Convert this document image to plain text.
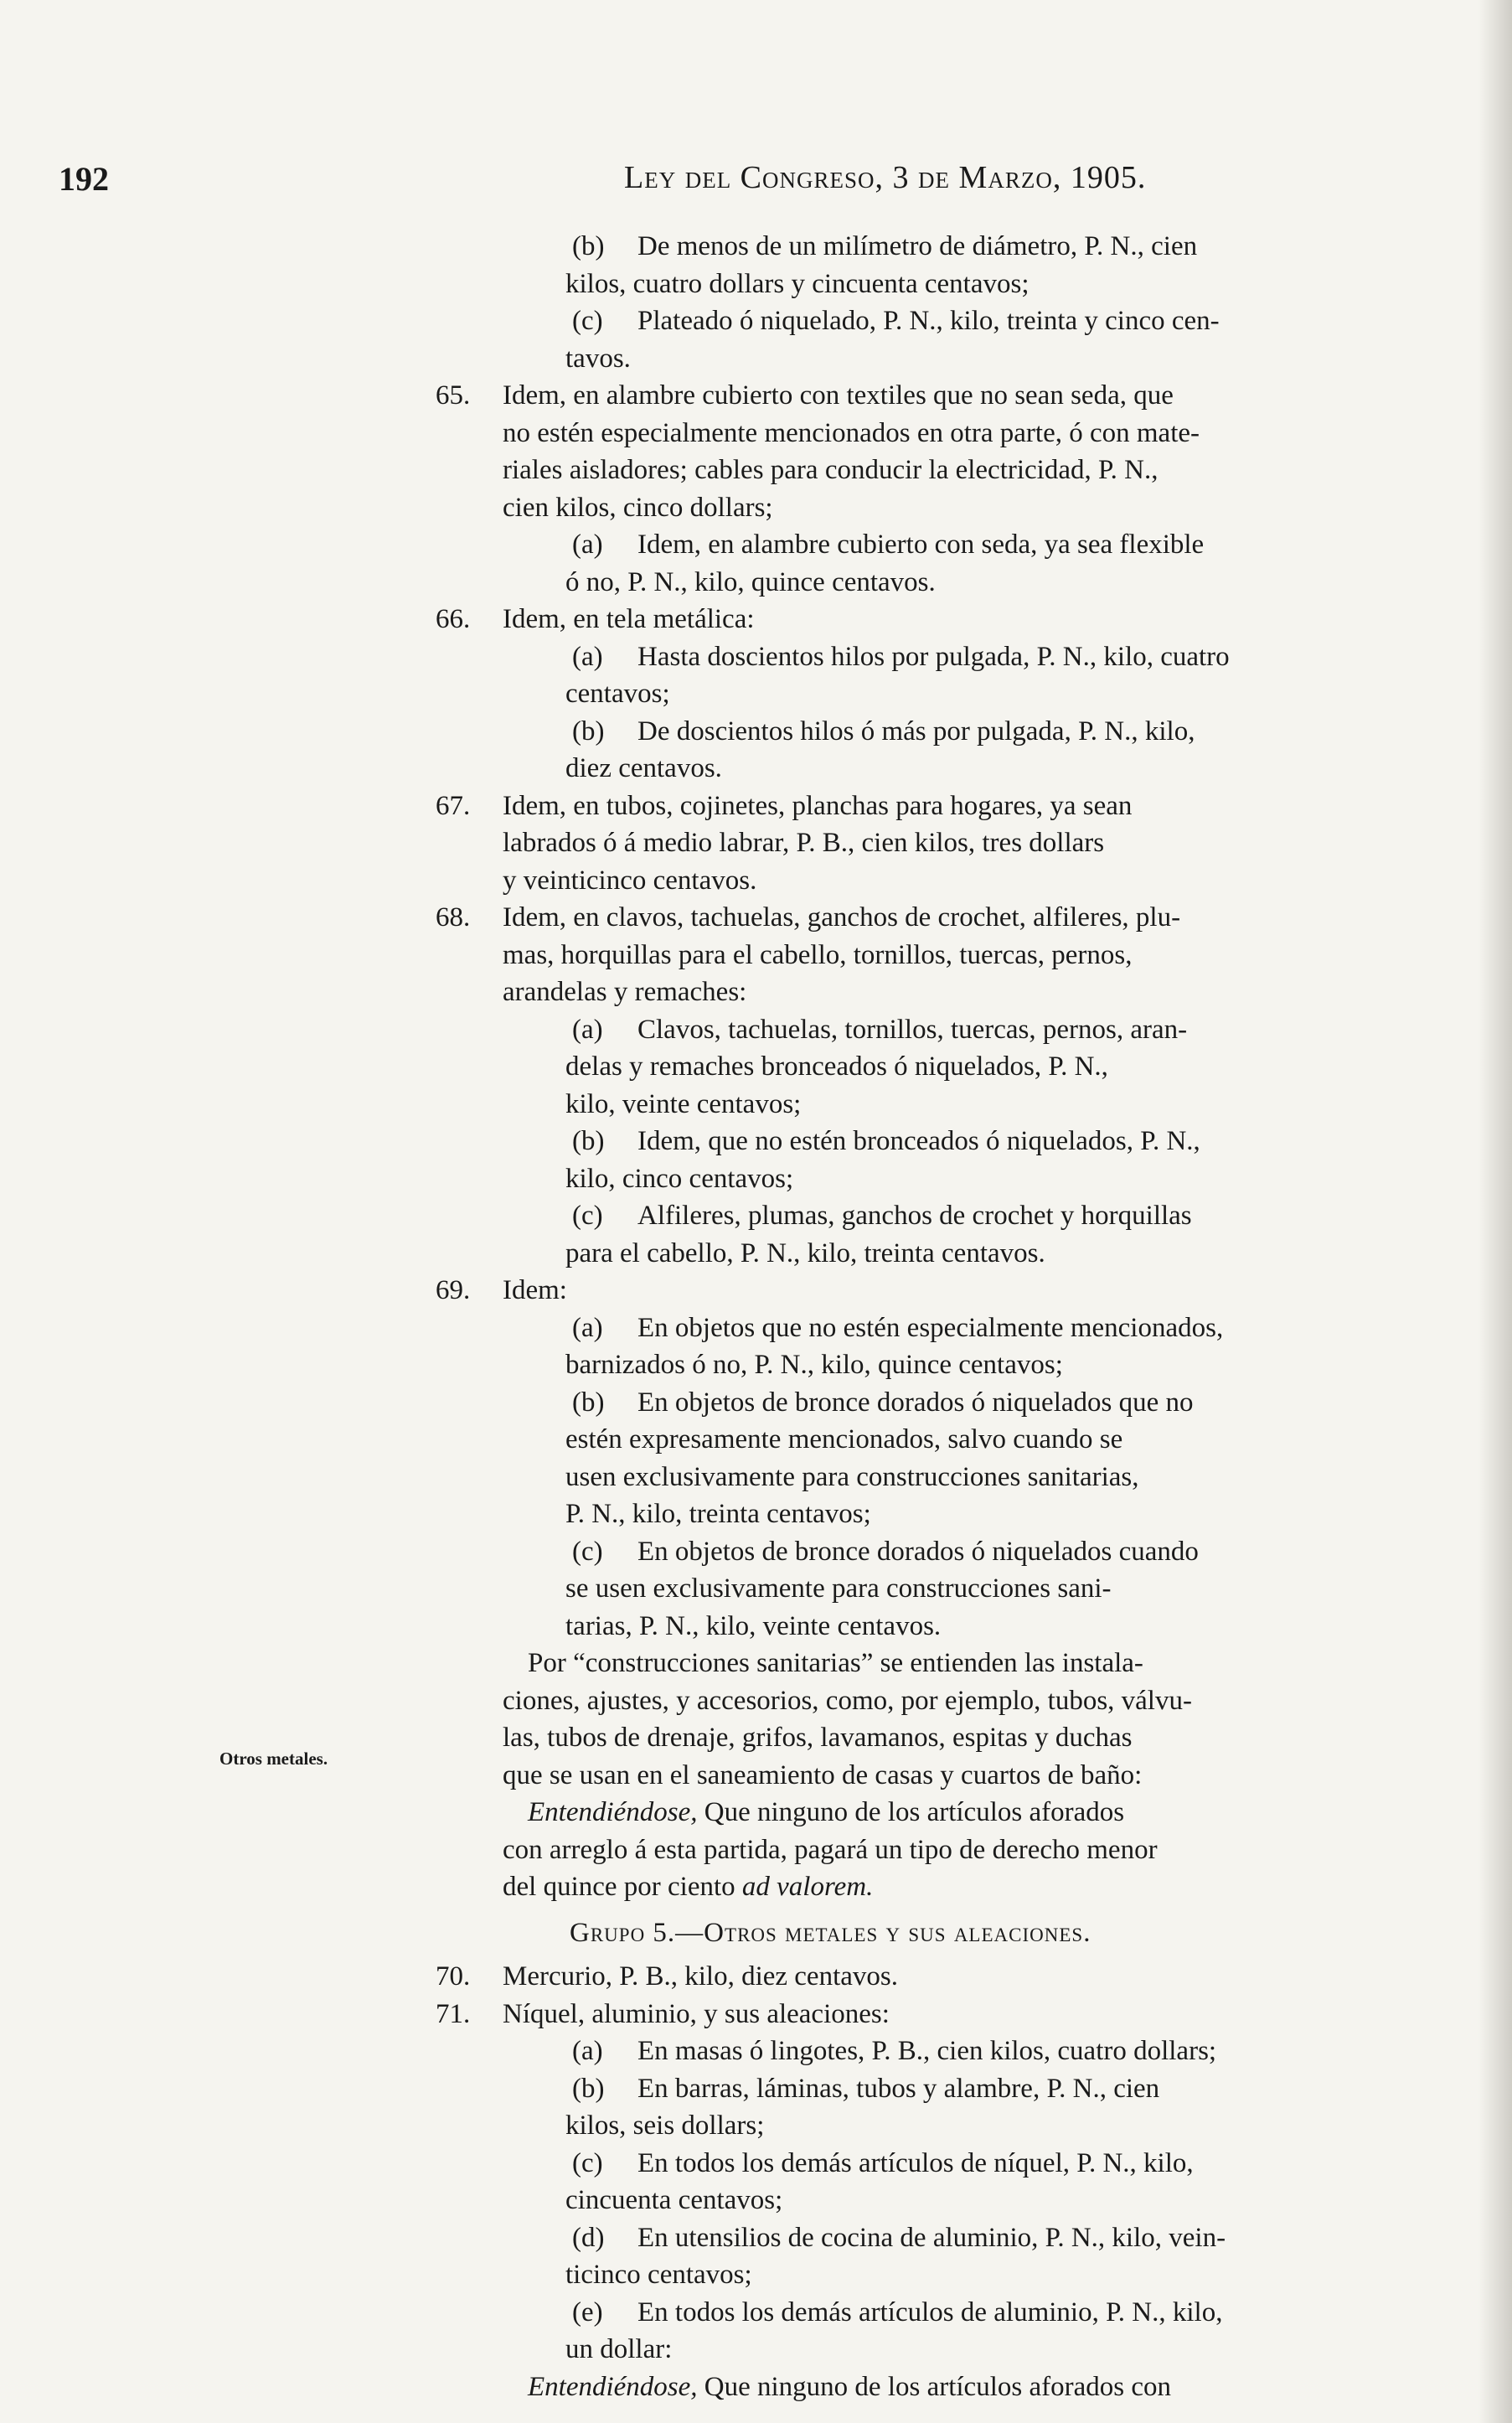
192	Ley del Congreso, 3 de Marzo, 1905.
Otros metales.
(b) De menos de un milímetro de diámetro, P. N., cien
kilos, cuatro dollars y cincuenta centavos;
(c) Plateado ó niquelado, P. N., kilo, treinta y cinco cen-
tavos.
65. Idem, en alambre cubierto con textiles que no sean seda, que
no estén especialmente mencionados en otra parte, ó con mate-
riales aisladores; cables para conducir la electricidad, P. N.,
cien kilos, cinco dollars;
(a) Idem, en alambre cubierto con seda, ya sea flexible
ó no, P. N., kilo, quince centavos.
66. Idem, en tela metálica:
(a) Hasta doscientos hilos por pulgada, P. N., kilo, cuatro
centavos;
(b) De doscientos hilos ó más por pulgada, P. N., kilo,
diez centavos.
67. Idem, en tubos, cojinetes, planchas para hogares, ya sean
labrados ó á medio labrar, P. B., cien kilos, tres dollars
y veinticinco centavos.
68. Idem, en clavos, tachuelas, ganchos de crochet, alfileres, plu-
mas, horquillas para el cabello, tornillos, tuercas, pernos,
arandelas y remaches:
(a) Clavos, tachuelas, tornillos, tuercas, pernos, aran-
delas y remaches bronceados ó niquelados, P. N.,
kilo, veinte centavos;
(b) Idem, que no estén bronceados ó niquelados, P. N.,
kilo, cinco centavos;
(c) Alfileres, plumas, ganchos de crochet y horquillas
para el cabello, P. N., kilo, treinta centavos.
69. Idem:
(a) En objetos que no estén especialmente mencionados,
barnizados ó no, P. N., kilo, quince centavos;
(b) En objetos de bronce dorados ó niquelados que no
estén expresamente mencionados, salvo cuando se
usen exclusivamente para construcciones sanitarias,
P. N., kilo, treinta centavos;
(c) En objetos de bronce dorados ó niquelados cuando
se usen exclusivamente para construcciones sani-
tarias, P. N., kilo, veinte centavos.
Por “construcciones sanitarias” se entienden las instala-
ciones, ajustes, y accesorios, como, por ejemplo, tubos, válvu-
las, tubos de drenaje, grifos, lavamanos, espitas y duchas
que se usan en el saneamiento de casas y cuartos de baño:
Entendiéndose, Que ninguno de los artículos aforados
con arreglo á esta partida, pagará un tipo de derecho menor
del quince por ciento ad valorem.
Grupo 5.—Otros metales y sus aleaciones.
70. Mercurio, P. B., kilo, diez centavos.
71. Níquel, aluminio, y sus aleaciones:
(a) En masas ó lingotes, P. B., cien kilos, cuatro dollars;
(b) En barras, láminas, tubos y alambre, P. N., cien
kilos, seis dollars;
(c) En todos los demás artículos de níquel, P. N., kilo,
cincuenta centavos;
(d) En utensilios de cocina de aluminio, P. N., kilo, vein-
ticinco centavos;
(e) En todos los demás artículos de aluminio, P. N., kilo,
un dollar:
Entendiéndose, Que ninguno de los artículos aforados con
